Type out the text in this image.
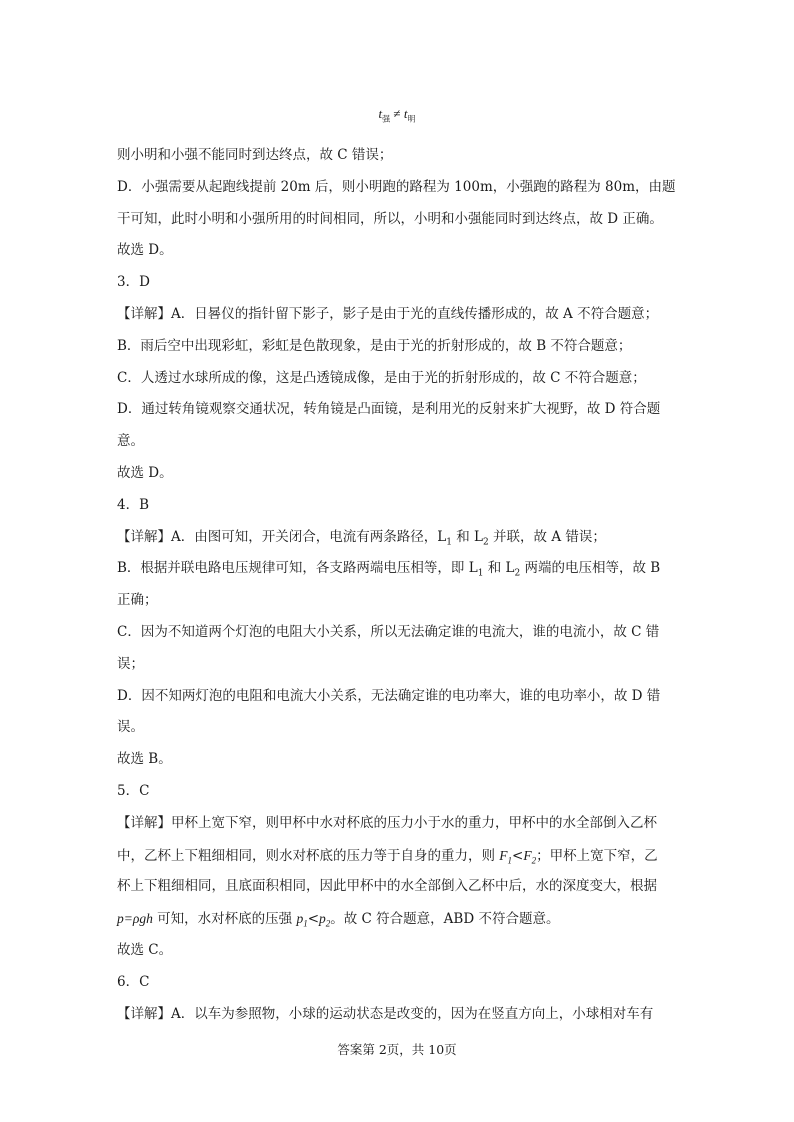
$t_强 \ne t_明$
则小明和小强不能同时到达终点，故 C 错误；
D．小强需要从起跑线提前 20m 后，则小明跑的路程为 100m，小强跑的路程为 80m，由题
干可知，此时小明和小强所用的时间相同，所以，小明和小强能同时到达终点，故 D 正确。
故选 D。
3．D
【详解】A．日晷仪的指针留下影子，影子是由于光的直线传播形成的，故 A 不符合题意；
B．雨后空中出现彩虹，彩虹是色散现象，是由于光的折射形成的，故 B 不符合题意；
C．人透过水球所成的像，这是凸透镜成像，是由于光的折射形成的，故 C 不符合题意；
D．通过转角镜观察交通状况，转角镜是凸面镜，是利用光的反射来扩大视野，故 D 符合题
意。
故选 D。
4．B
【详解】A．由图可知，开关闭合，电流有两条路径，$L_1$ 和 $L_2$ 并联，故 A 错误；
B．根据并联电路电压规律可知，各支路两端电压相等，即 $L_1$ 和 $L_2$ 两端的电压相等，故 B
正确；
C．因为不知道两个灯泡的电阻大小关系，所以无法确定谁的电流大，谁的电流小，故 C 错
误；
D．因不知两灯泡的电阻和电流大小关系，无法确定谁的电功率大，谁的电功率小，故 D 错
误。
故选 B。
5．C
【详解】甲杯上宽下窄，则甲杯中水对杯底的压力小于水的重力，甲杯中的水全部倒入乙杯
中，乙杯上下粗细相同，则水对杯底的压力等于自身的重力，则 $F_1<F_2$；甲杯上宽下窄，乙
杯上下粗细相同，且底面积相同，因此甲杯中的水全部倒入乙杯中后，水的深度变大，根据
p=ρgh 可知，水对杯底的压强 $p_1<p_2$。故 C 符合题意，ABD 不符合题意。
故选 C。
6．C
【详解】A．以车为参照物，小球的运动状态是改变的，因为在竖直方向上，小球相对车有
答案第 2页，共 10页
